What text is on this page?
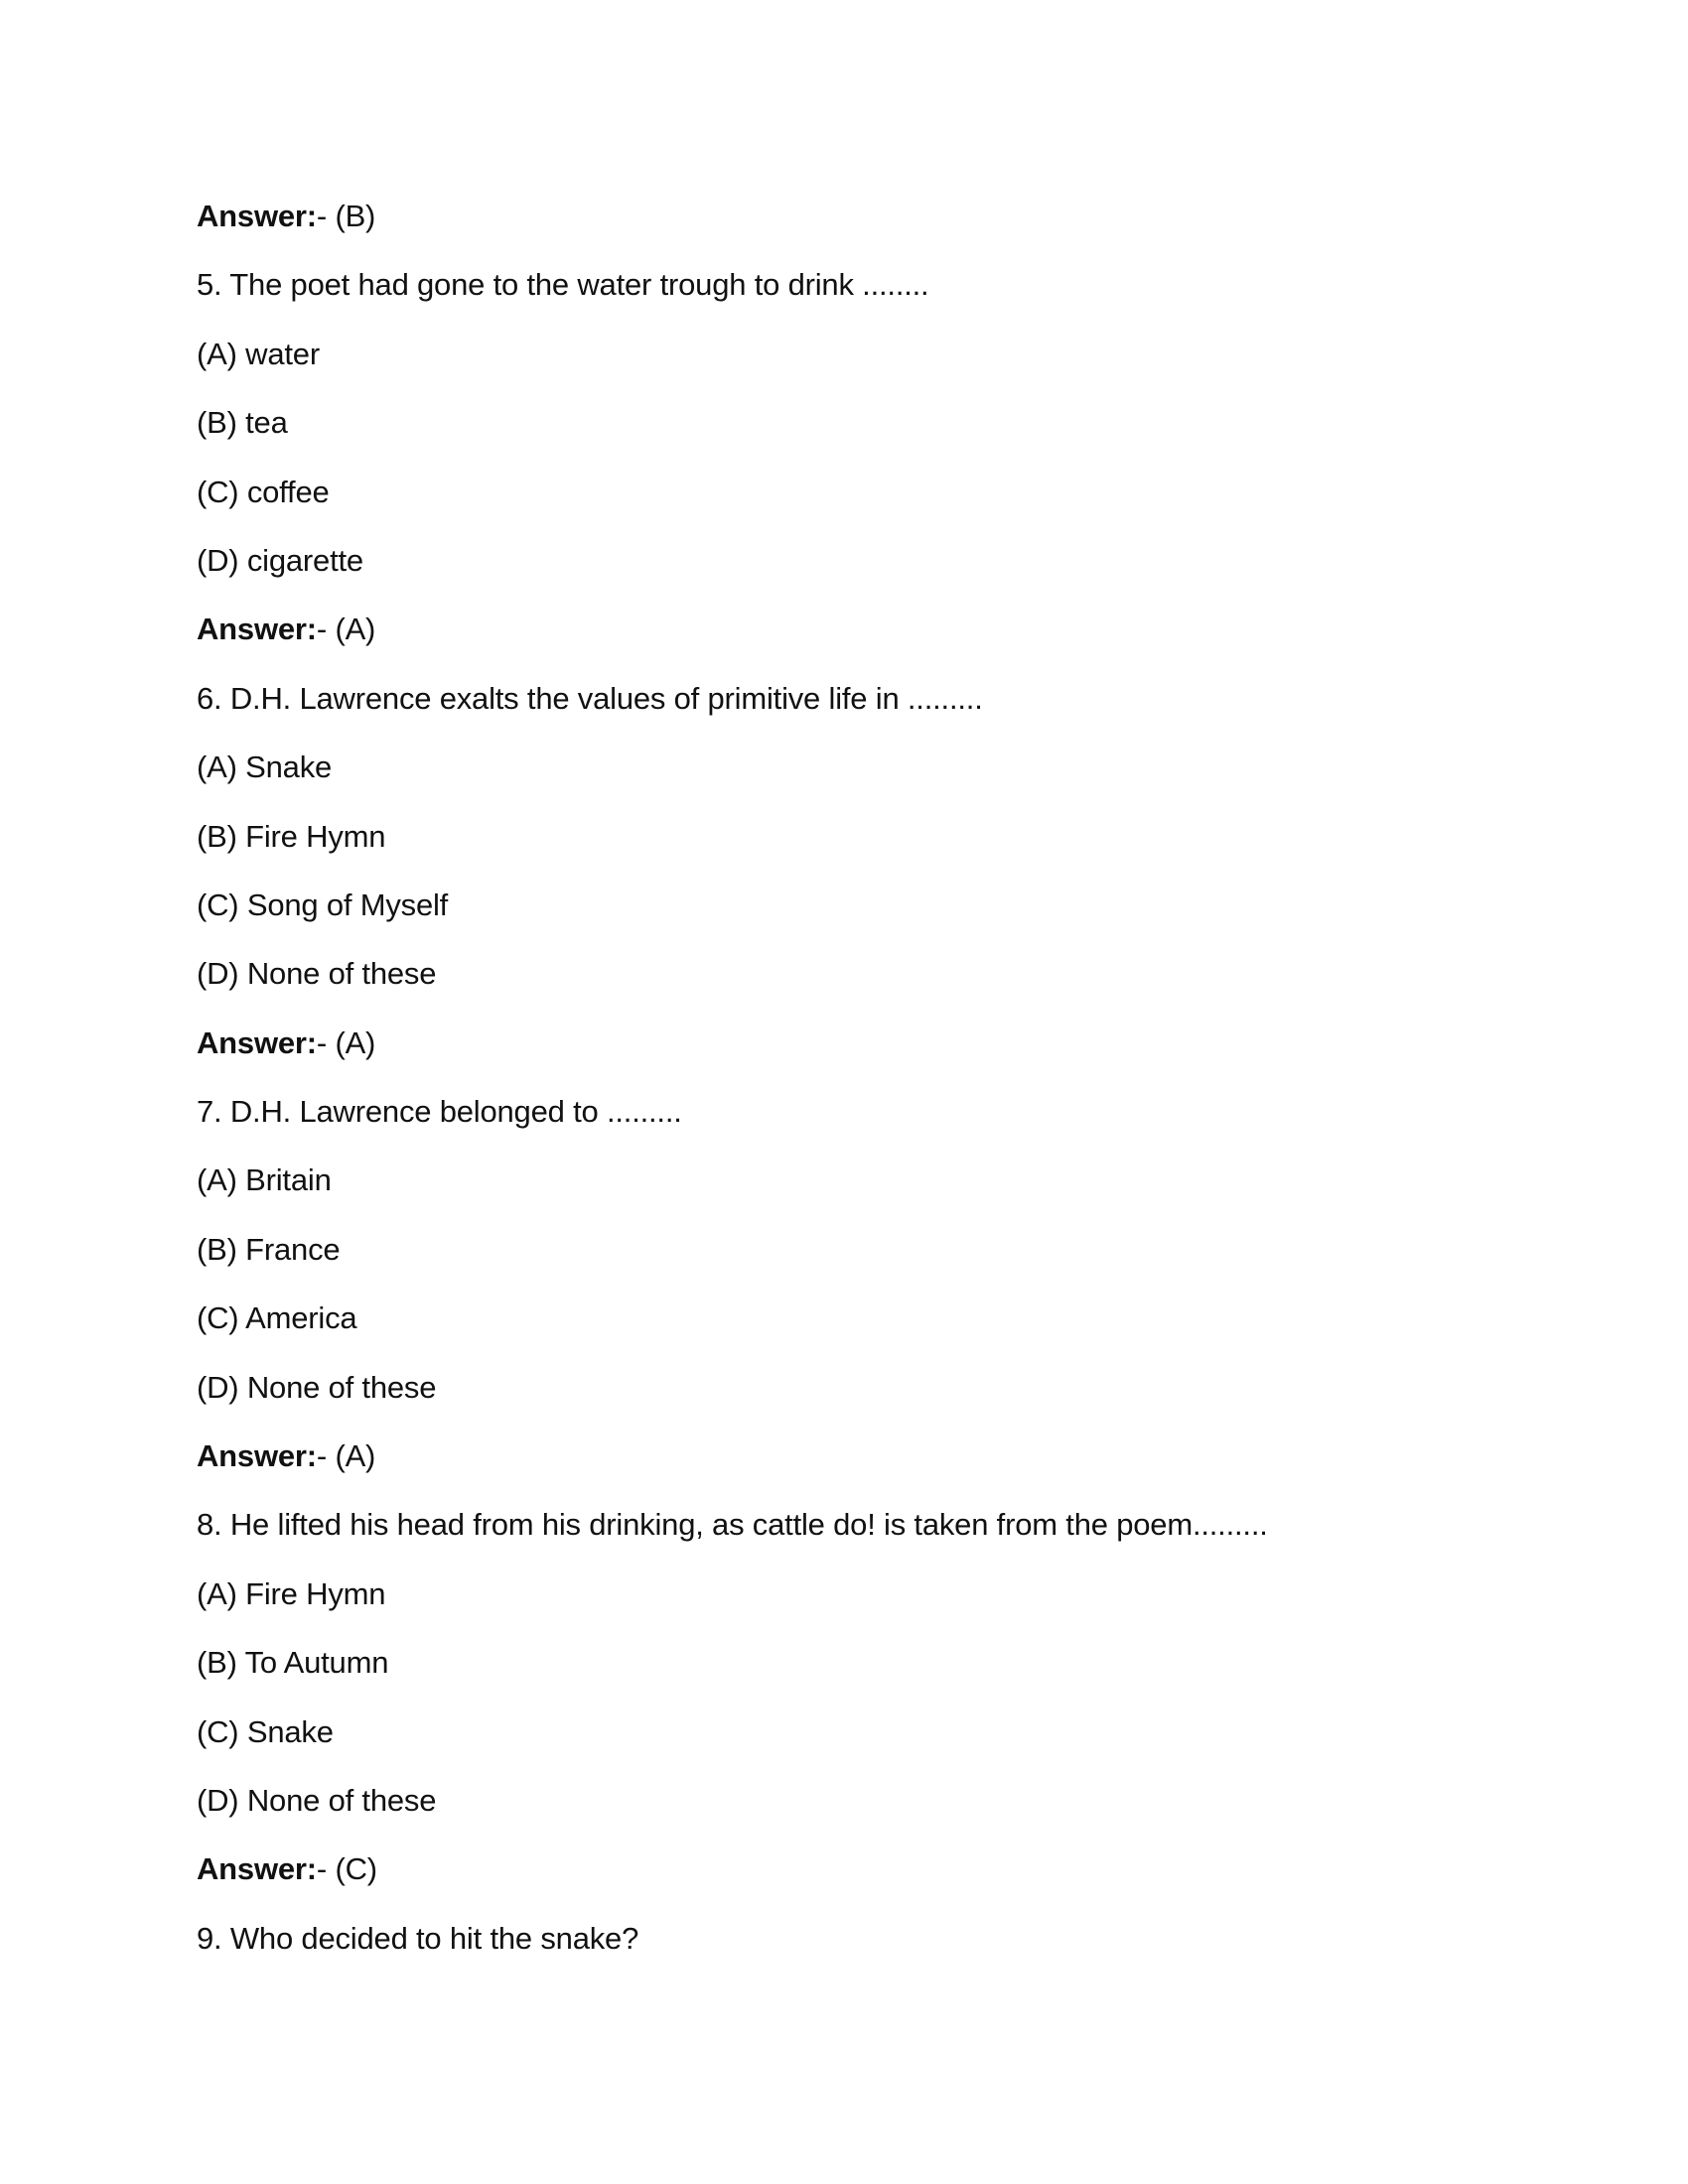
Answer:- (B)
5. The poet had gone to the water trough to drink ........
(A) water
(B) tea
(C) coffee
(D) cigarette
Answer:- (A)
6. D.H. Lawrence exalts the values of primitive life in .........
(A) Snake
(B) Fire Hymn
(C) Song of Myself
(D) None of these
Answer:- (A)
7. D.H. Lawrence belonged to .........
(A) Britain
(B) France
(C) America
(D) None of these
Answer:- (A)
8. He lifted his head from his drinking, as cattle do! is taken from the poem.........
(A) Fire Hymn
(B) To Autumn
(C) Snake
(D) None of these
Answer:- (C)
9. Who decided to hit the snake?
